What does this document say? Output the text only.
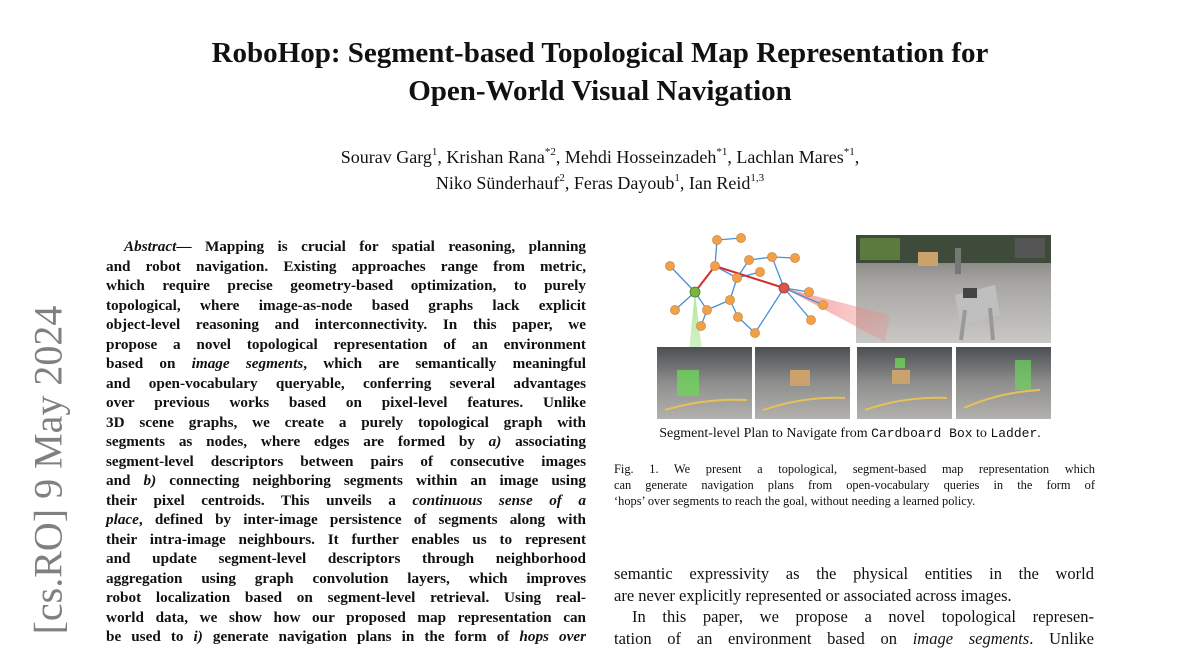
RoboHop: Segment-based Topological Map Representation for
Open-World Visual Navigation
Sourav Garg$^1$, Krishan Rana$^{*2}$, Mehdi Hosseinzadeh$^{*1}$, Lachlan Mares$^{*1}$,
Niko Sünderhauf$^2$, Feras Dayoub$^1$, Ian Reid$^{1,3}$
[cs.RO] 9 May 2024
Abstract— Mapping is crucial for spatial reasoning, planning
and robot navigation. Existing approaches range from metric,
which require precise geometry-based optimization, to purely
topological, where image-as-node based graphs lack explicit
object-level reasoning and interconnectivity. In this paper, we
propose a novel topological representation of an environment
based on image segments, which are semantically meaningful
and open-vocabulary queryable, conferring several advantages
over previous works based on pixel-level features. Unlike
3D scene graphs, we create a purely topological graph with
segments as nodes, where edges are formed by a) associating
segment-level descriptors between pairs of consecutive images
and b) connecting neighboring segments within an image using
their pixel centroids. This unveils a continuous sense of a
place, defined by inter-image persistence of segments along with
their intra-image neighbours. It further enables us to represent
and update segment-level descriptors through neighborhood
aggregation using graph convolution layers, which improves
robot localization based on segment-level retrieval. Using real-
world data, we show how our proposed map representation can
be used to i) generate navigation plans in the form of hops over
Segment-level Plan to Navigate from Cardboard Box to Ladder.
Fig. 1. We present a topological, segment-based map representation which
can generate navigation plans from open-vocabulary queries in the form of
‘hops’ over segments to reach the goal, without needing a learned policy.
semantic expressivity as the physical entities in the world
are never explicitly represented or associated across images.
In this paper, we propose a novel topological represen-
tation of an environment based on image segments. Unlike
